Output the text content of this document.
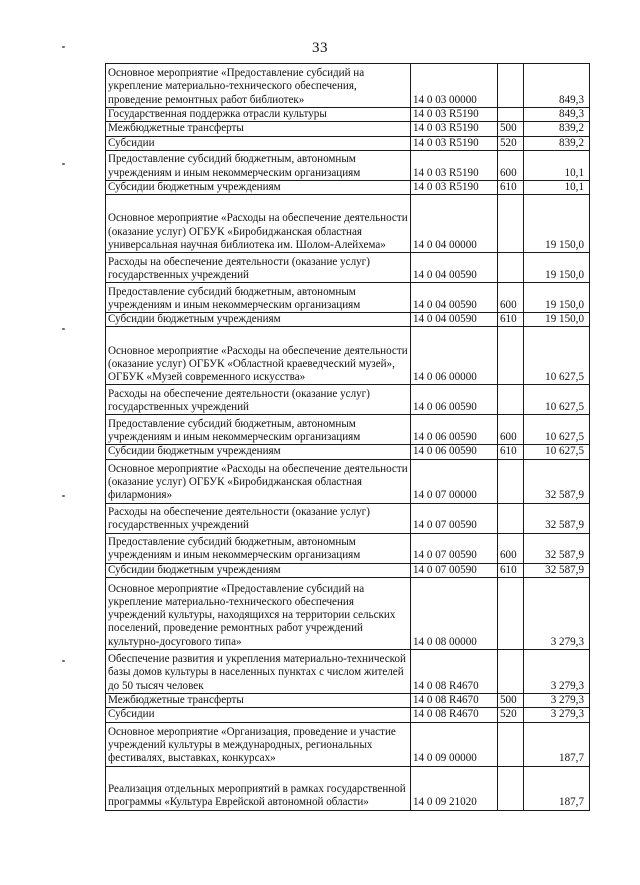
33
Основное мероприятие «Предоставление субсидий на укрепление материально-технического обеспечения, проведение ремонтных работ библиотек»	14 0 03 00000		849,3
Государственная поддержка отрасли культуры	14 0 03 R5190		849,3
Межбюджетные трансферты	14 0 03 R5190	500	839,2
Субсидии	14 0 03 R5190	520	839,2
Предоставление субсидий бюджетным, автономным учреждениям и иным некоммерческим организациям	14 0 03 R5190	600	10,1
Субсидии бюджетным учреждениям	14 0 03 R5190	610	10,1
Основное мероприятие «Расходы на обеспечение деятельности (оказание услуг) ОГБУК «Биробиджанская областная универсальная научная библиотека им. Шолом-Алейхема»	14 0 04 00000		19 150,0
Расходы на обеспечение деятельности (оказание услуг) государственных учреждений	14 0 04 00590		19 150,0
Предоставление субсидий бюджетным, автономным учреждениям и иным некоммерческим организациям	14 0 04 00590	600	19 150,0
Субсидии бюджетным учреждениям	14 0 04 00590	610	19 150,0
Основное мероприятие «Расходы на обеспечение деятельности (оказание услуг) ОГБУК «Областной краеведческий музей», ОГБУК «Музей современного искусства»	14 0 06 00000		10 627,5
Расходы на обеспечение деятельности (оказание услуг) государственных учреждений	14 0 06 00590		10 627,5
Предоставление субсидий бюджетным, автономным учреждениям и иным некоммерческим организациям	14 0 06 00590	600	10 627,5
Субсидии бюджетным учреждениям	14 0 06 00590	610	10 627,5
Основное мероприятие «Расходы на обеспечение деятельности (оказание услуг) ОГБУК «Биробиджанская областная филармония»	14 0 07 00000		32 587,9
Расходы на обеспечение деятельности (оказание услуг) государственных учреждений	14 0 07 00590		32 587,9
Предоставление субсидий бюджетным, автономным учреждениям и иным некоммерческим организациям	14 0 07 00590	600	32 587,9
Субсидии бюджетным учреждениям	14 0 07 00590	610	32 587,9
Основное мероприятие «Предоставление субсидий на укрепление материально-технического обеспечения учреждений культуры, находящихся на территории сельских поселений, проведение ремонтных работ учреждений культурно-досугового типа»	14 0 08 00000		3 279,3
Обеспечение развития и укрепления материально-технической базы домов культуры в населенных пунктах с числом жителей до 50 тысяч человек	14 0 08 R4670		3 279,3
Межбюджетные трансферты	14 0 08 R4670	500	3 279,3
Субсидии	14 0 08 R4670	520	3 279,3
Основное мероприятие «Организация, проведение и участие учреждений культуры в международных, региональных фестивалях, выставках, конкурсах»	14 0 09 00000		187,7
Реализация отдельных мероприятий в рамках государственной программы «Культура Еврейской автономной области»	14 0 09 21020		187,7
